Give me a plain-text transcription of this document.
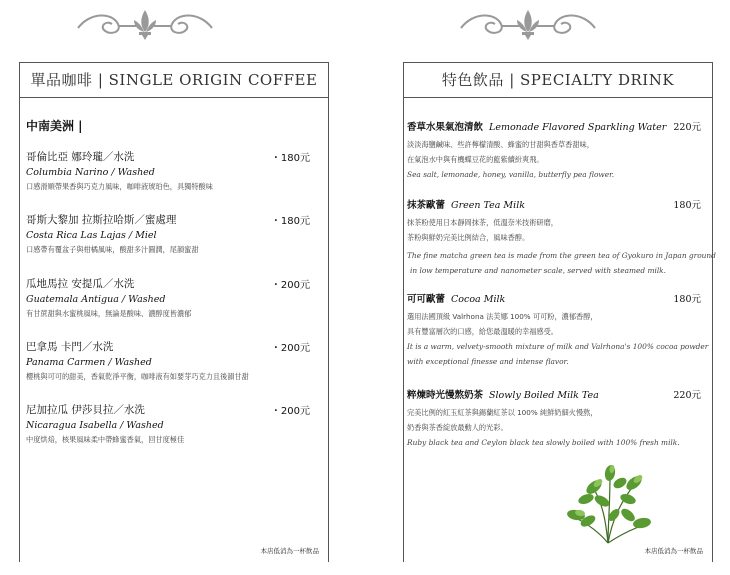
單品咖啡 | SINGLE ORIGIN COFFEE
中南美洲 |
哥倫比亞 娜玲瓏／水洗	・180元
Columbia Narino / Washed
口感滑順帶果香與巧克力風味，咖啡液琥珀色，具獨特酸味
哥斯大黎加 拉斯拉哈斯／蜜處理	・180元
Costa Rica Las Lajas / Miel
口感帶有覆盆子與柑橘風味，酸甜多汁圓潤，尾韻蜜甜
瓜地馬拉 安提瓜／水洗	・200元
Guatemala Antigua / Washed
有甘蔗甜與水蜜桃風味，無論是酸味、濃醇度皆濃郁
巴拿馬 卡門／水洗	・200元
Panama Carmen / Washed
櫻桃與可可的甜美，香氣乾淨平衡，咖啡液有如要芽巧克力且後韻甘甜
尼加拉瓜 伊莎貝拉／水洗	・200元
Nicaragua Isabella / Washed
中度烘焙，核果風味柔中帶蜂蜜香氣，回甘度極佳
本店低消為一杯飲品
特色飲品 | SPECIALTY DRINK
香草水果氣泡清飲 Lemonade Flavored Sparkling Water 220元
淡淡海鹽鹹味、些許檸檬清酸、蜂蜜的甘甜與香草香甜味，
在氣泡水中與有機蝶豆花的藍紫續紛爽飛。
Sea salt, lemonade, honey, vanilla, butterfly pea flower.
抹茶歐蕾 Green Tea Milk	180元
抹茶粉使用日本靜岡抹茶，低溫奈米技術研磨，
茶粉與鮮奶完美比例結合，風味香醇。
The fine matcha green tea is made from the green tea of Gyokuro in Japan ground
in low temperature and nanometer scale, served with steamed milk.
可可歐蕾 Cocoa Milk	180元
選用法國頂級 Valrhona 法芙娜 100% 可可粉，濃郁香醇，
具有豐富層次的口感，給您最溫暖的幸福感受。
It is a warm, velvety-smooth mixture of milk and Valrhona's 100% cocoa powder
with exceptional finesse and intense flavor.
粹煉時光慢熬奶茶 Slowly Boiled Milk Tea	220元
完美比例的紅玉紅茶與錫蘭紅茶以 100% 純鮮奶細火慢熬，
奶香與茶香綻放最動人的光彩。
Ruby black tea and Ceylon black tea slowly boiled with 100% fresh milk.
本店低消為一杯飲品
